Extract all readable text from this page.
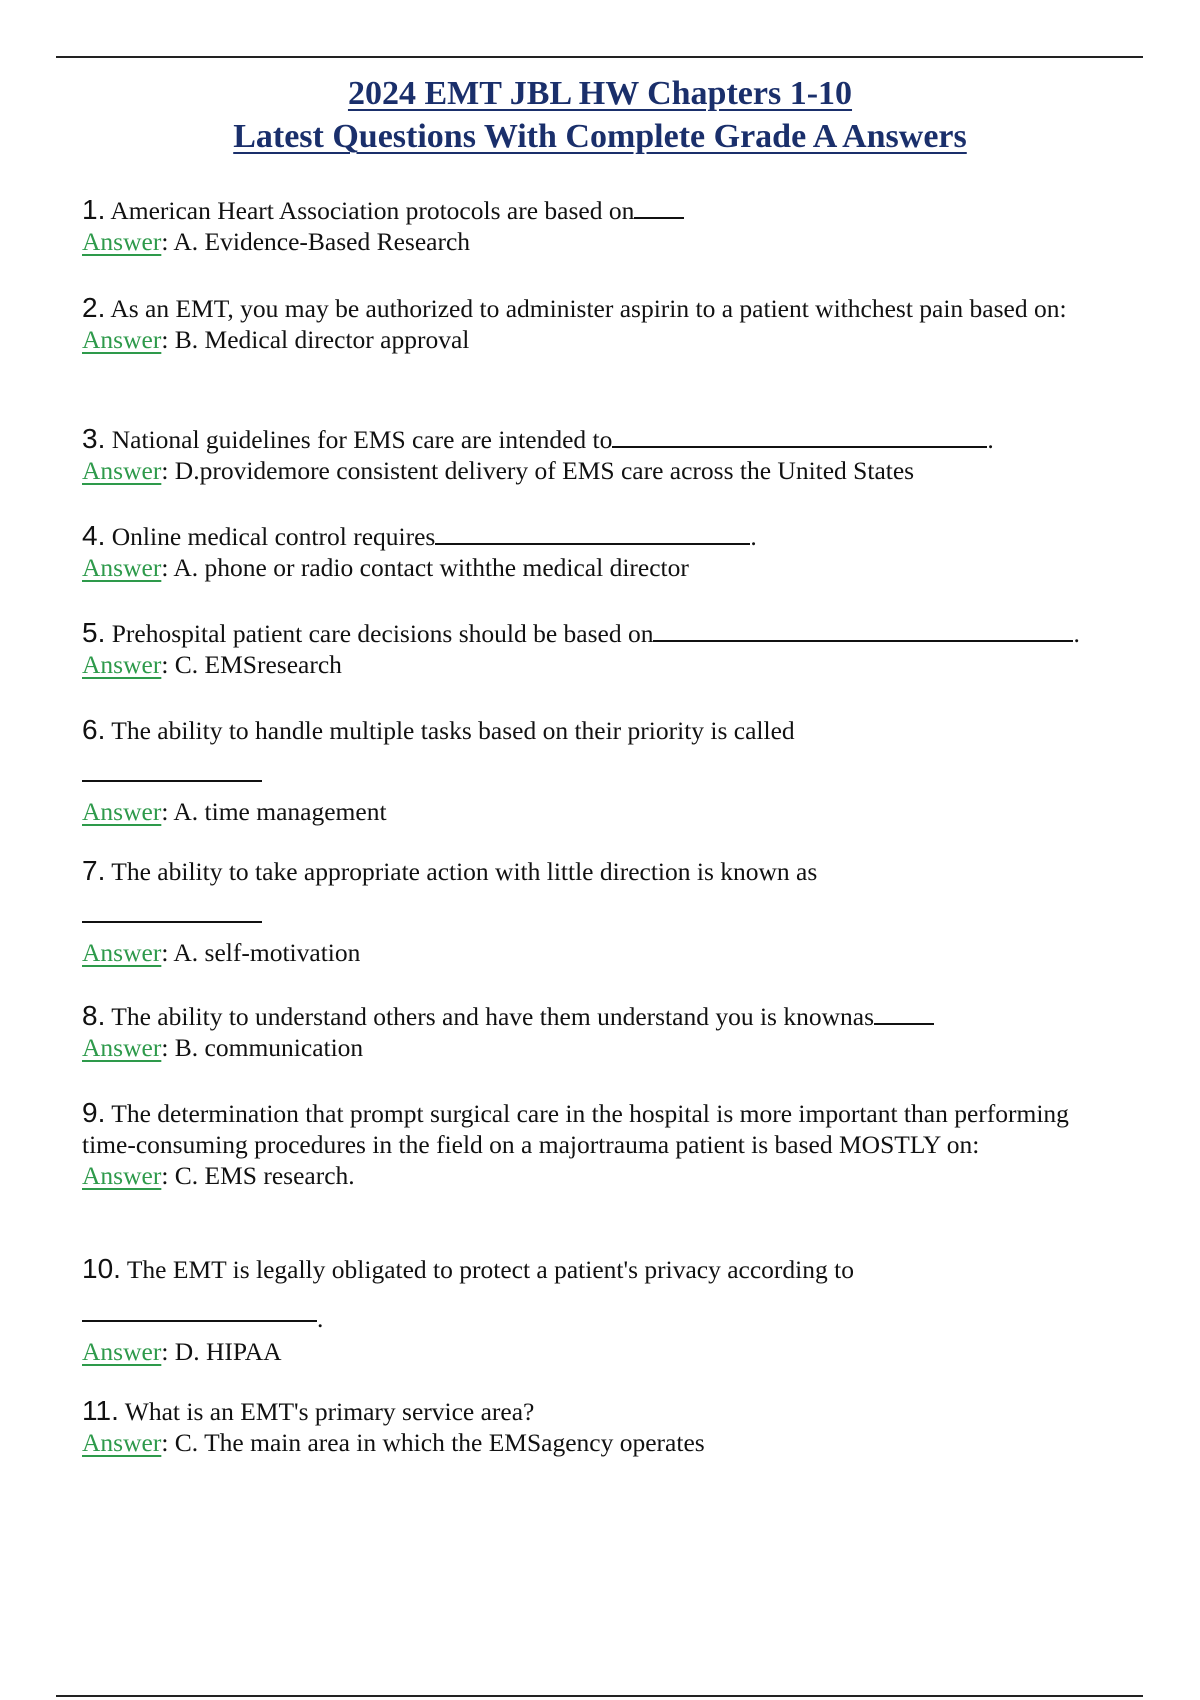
2024 EMT JBL HW Chapters 1-10
Latest Questions With Complete Grade A Answers
1. American Heart Association protocols are based on
Answer: A. Evidence-Based Research
2. As an EMT, you may be authorized to administer aspirin to a patient withchest pain based on:
Answer: B. Medical director approval
3. National guidelines for EMS care are intended to	.
Answer: D.providemore consistent delivery of EMS care across the United States
4. Online medical control requires	.
Answer: A. phone or radio contact withthe medical director
5. Prehospital patient care decisions should be based on	.
Answer: C. EMSresearch
6. The ability to handle multiple tasks based on their priority is called
Answer: A. time management
7. The ability to take appropriate action with little direction is known as
Answer: A. self-motivation
8. The ability to understand others and have them understand you is knownas
Answer: B. communication
9. The determination that prompt surgical care in the hospital is more important than performing time-consuming procedures in the field on a majortrauma patient is based MOSTLY on:
Answer: C. EMS research.
10. The EMT is legally obligated to protect a patient's privacy according to
.
Answer: D. HIPAA
11. What is an EMT's primary service area?
Answer: C. The main area in which the EMSagency operates
